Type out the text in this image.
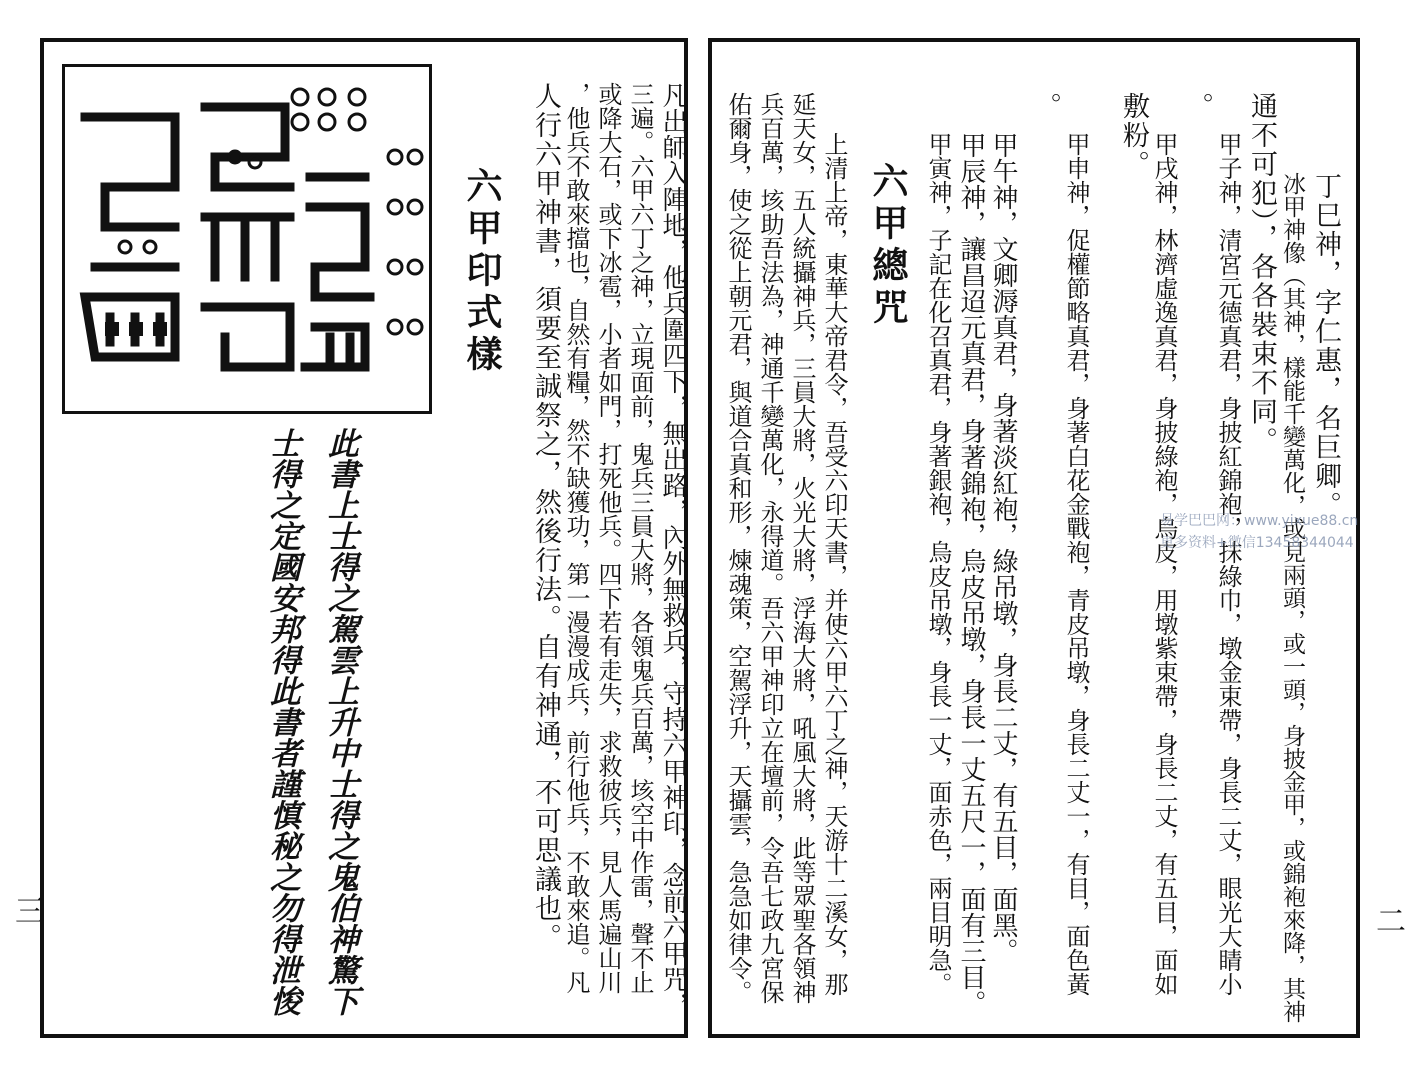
六甲印式樣	凡出師入陣地，他兵圍四下，無出路，內外無救兵，守持六甲神印，念前六甲咒，
三遍。六甲六丁之神，立現面前，鬼兵三員大將，各領鬼兵百萬，垓空中作雷，聲不止
或降大石，或下冰雹，小者如門，打死他兵。四下若有走失，求救彼兵，見人馬遍山川
，他兵不敢來擋也，自然有糧，然不缺獲功，第一漫漫成兵，前行他兵，不敢來追。凡
人行六甲神書，須要至誠祭之，然後行法。自有神通，不可思議也。
此書上士得之駕雲上升中士得之鬼伯神驚下
士得之定國安邦得此書者謹慎秘之勿得泄悛
三
丁巳神，字仁惠，名巨卿。
冰甲神像（其神，樣能千變萬化，或見兩頭，或一頭，身披金甲，或錦袍來降，其神
通不可犯），各各裝束不同。
甲子神，清宮元德真君，身披紅錦袍，抹綠巾，墩金束帶，身長二丈，眼光大睛小
。
甲戌神，林濟虛逸真君，身披綠袍，烏皮，用墩紫束帶，身長二丈，有五目，面如
敷粉。
甲申神，促權節略真君，身著白花金戰袍，青皮吊墩，身長二丈一，有目，面色黃
。
甲午神，文卿溽真君，身著淡紅袍，綠吊墩，身長二丈，有五目，面黑。
甲辰神，讓昌迢元真君，身著錦袍，烏皮吊墩，身長一丈五尺一，面有三目。
甲寅神，子記在化召真君，身著銀袍，烏皮吊墩，身長一丈，面赤色，兩目明急。
六甲總咒
上清上帝，東華大帝君令，吾受六印天書，并使六甲六丁之神，天游十二溪女，那
延天女，五人統攝神兵，三員大將，火光大將，浮海大將，吼風大將，此等眾聖各領神
兵百萬，垓助吾法為，神通千變萬化，永得道。吾六甲神印立在壇前，令吾七政九宮保
佑爾身，使之從上朝元君，與道合真和形，煉魂策，空駕浮升，天攝雲，急急如律令。	二
易学巴巴网：www.yixue88.cn
更多资料+微信13458344044
